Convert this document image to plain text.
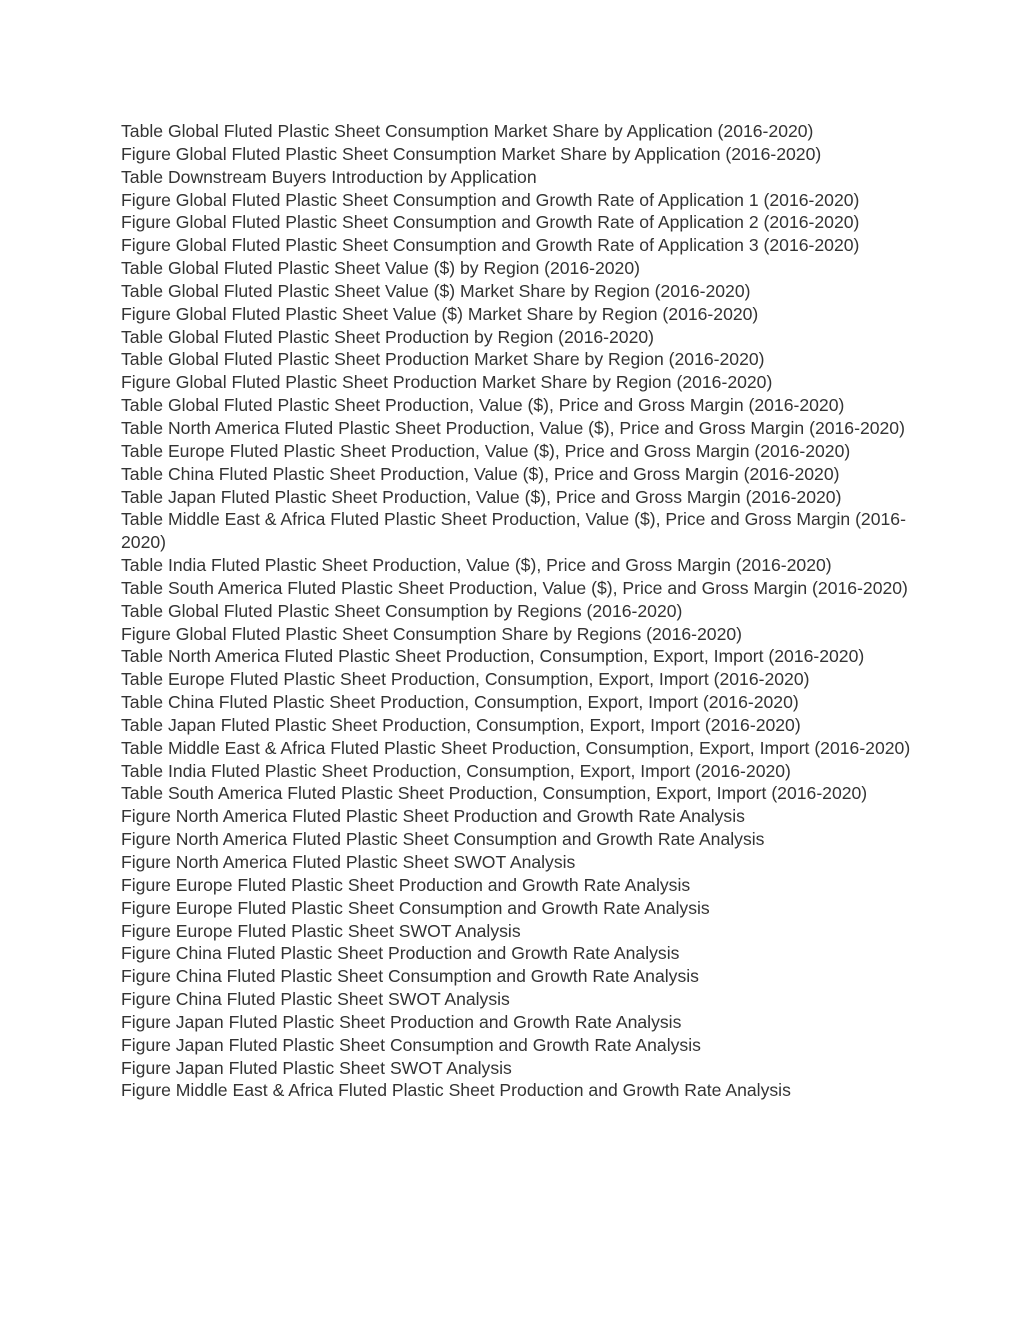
Table Global Fluted Plastic Sheet Consumption Market Share by Application (2016-2020)
Figure Global Fluted Plastic Sheet Consumption Market Share by Application (2016-2020)
Table Downstream Buyers Introduction by Application
Figure Global Fluted Plastic Sheet Consumption and Growth Rate of Application 1 (2016-2020)
Figure Global Fluted Plastic Sheet Consumption and Growth Rate of Application 2 (2016-2020)
Figure Global Fluted Plastic Sheet Consumption and Growth Rate of Application 3 (2016-2020)
Table Global Fluted Plastic Sheet Value ($) by Region (2016-2020)
Table Global Fluted Plastic Sheet Value ($) Market Share by Region (2016-2020)
Figure Global Fluted Plastic Sheet Value ($) Market Share by Region (2016-2020)
Table Global Fluted Plastic Sheet Production by Region (2016-2020)
Table Global Fluted Plastic Sheet Production Market Share by Region (2016-2020)
Figure Global Fluted Plastic Sheet Production Market Share by Region (2016-2020)
Table Global Fluted Plastic Sheet Production, Value ($), Price and Gross Margin (2016-2020)
Table North America Fluted Plastic Sheet Production, Value ($), Price and Gross Margin (2016-2020)
Table Europe Fluted Plastic Sheet Production, Value ($), Price and Gross Margin (2016-2020)
Table China Fluted Plastic Sheet Production, Value ($), Price and Gross Margin (2016-2020)
Table Japan Fluted Plastic Sheet Production, Value ($), Price and Gross Margin (2016-2020)
Table Middle East & Africa Fluted Plastic Sheet Production, Value ($), Price and Gross Margin (2016-2020)
Table India Fluted Plastic Sheet Production, Value ($), Price and Gross Margin (2016-2020)
Table South America Fluted Plastic Sheet Production, Value ($), Price and Gross Margin (2016-2020)
Table Global Fluted Plastic Sheet Consumption by Regions (2016-2020)
Figure Global Fluted Plastic Sheet Consumption Share by Regions (2016-2020)
Table North America Fluted Plastic Sheet Production, Consumption, Export, Import (2016-2020)
Table Europe Fluted Plastic Sheet Production, Consumption, Export, Import (2016-2020)
Table China Fluted Plastic Sheet Production, Consumption, Export, Import (2016-2020)
Table Japan Fluted Plastic Sheet Production, Consumption, Export, Import (2016-2020)
Table Middle East & Africa Fluted Plastic Sheet Production, Consumption, Export, Import (2016-2020)
Table India Fluted Plastic Sheet Production, Consumption, Export, Import (2016-2020)
Table South America Fluted Plastic Sheet Production, Consumption, Export, Import (2016-2020)
Figure North America Fluted Plastic Sheet Production and Growth Rate Analysis
Figure North America Fluted Plastic Sheet Consumption and Growth Rate Analysis
Figure North America Fluted Plastic Sheet SWOT Analysis
Figure Europe Fluted Plastic Sheet Production and Growth Rate Analysis
Figure Europe Fluted Plastic Sheet Consumption and Growth Rate Analysis
Figure Europe Fluted Plastic Sheet SWOT Analysis
Figure China Fluted Plastic Sheet Production and Growth Rate Analysis
Figure China Fluted Plastic Sheet Consumption and Growth Rate Analysis
Figure China Fluted Plastic Sheet SWOT Analysis
Figure Japan Fluted Plastic Sheet Production and Growth Rate Analysis
Figure Japan Fluted Plastic Sheet Consumption and Growth Rate Analysis
Figure Japan Fluted Plastic Sheet SWOT Analysis
Figure Middle East & Africa Fluted Plastic Sheet Production and Growth Rate Analysis
